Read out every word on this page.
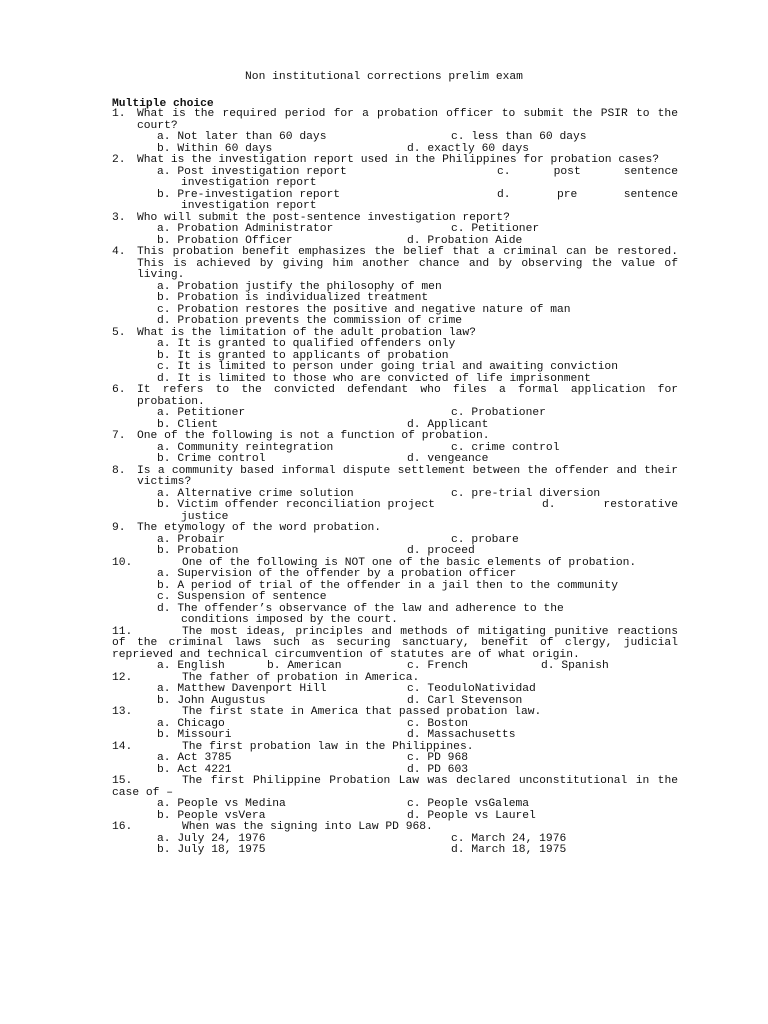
Non institutional corrections prelim exam
Multiple choice
1. What is the required period for a probation officer to submit the PSIR to the court?
a. Not later than 60 days	c. less than 60 days
b. Within 60 days	d. exactly 60 days
2. What is the investigation report used in the Philippines for probation cases?
a. Post investigation report	c. post sentence
investigation report
b. Pre-investigation report	d. pre sentence
investigation report
3. Who will submit the post-sentence investigation report?
a. Probation Administrator	c. Petitioner
b. Probation Officer	d. Probation Aide
4. This probation benefit emphasizes the belief that a criminal can be restored. This is achieved by giving him another chance and by observing the value of living.
a. Probation justify the philosophy of men
b. Probation is individualized treatment
c. Probation restores the positive and negative nature of man
d. Probation prevents the commission of crime
5. What is the limitation of the adult probation law?
a. It is granted to qualified offenders only
b. It is granted to applicants of probation
c. It is limited to person under going trial and awaiting conviction
d. It is limited to those who are convicted of life imprisonment
6. It refers to the convicted defendant who files a formal application for probation.
a. Petitioner	c. Probationer
b. Client	d. Applicant
7. One of the following is not a function of probation.
a. Community reintegration	c. crime control
b. Crime control	d. vengeance
8. Is a community based informal dispute settlement between the offender and their victims?
a. Alternative crime solution	c. pre-trial diversion
b. Victim offender reconciliation project	d. restorative
justice
9. The etymology of the word probation.
a. Probair	c. probare
b. Probation	d. proceed
10.	One of the following is NOT one of the basic elements of probation.
a. Supervision of the offender by a probation officer
b. A period of trial of the offender in a jail then to the community
c. Suspension of sentence
d. The offender’s observance of the law and adherence to the
conditions imposed by the court.
11.	The most ideas, principles and methods of mitigating punitive reactions of the criminal laws such as securing sanctuary, benefit of clergy, judicial reprieved and technical circumvention of statutes are of what origin.
a. English	b. American	c. French	d. Spanish
12.	The father of probation in America.
a. Matthew Davenport Hill	c. TeoduloNatividad
b. John Augustus	d. Carl Stevenson
13.	The first state in America that passed probation law.
a. Chicago	c. Boston
b. Missouri	d. Massachusetts
14.	The first probation law in the Philippines.
a. Act 3785	c. PD 968
b. Act 4221	d. PD 603
15.	The first Philippine Probation Law was declared unconstitutional in the case of –
a. People vs Medina	c. People vsGalema
b. People vsVera	d. People vs Laurel
16.	When was the signing into Law PD 968.
a. July 24, 1976	c. March 24, 1976
b. July 18, 1975	d. March 18, 1975
